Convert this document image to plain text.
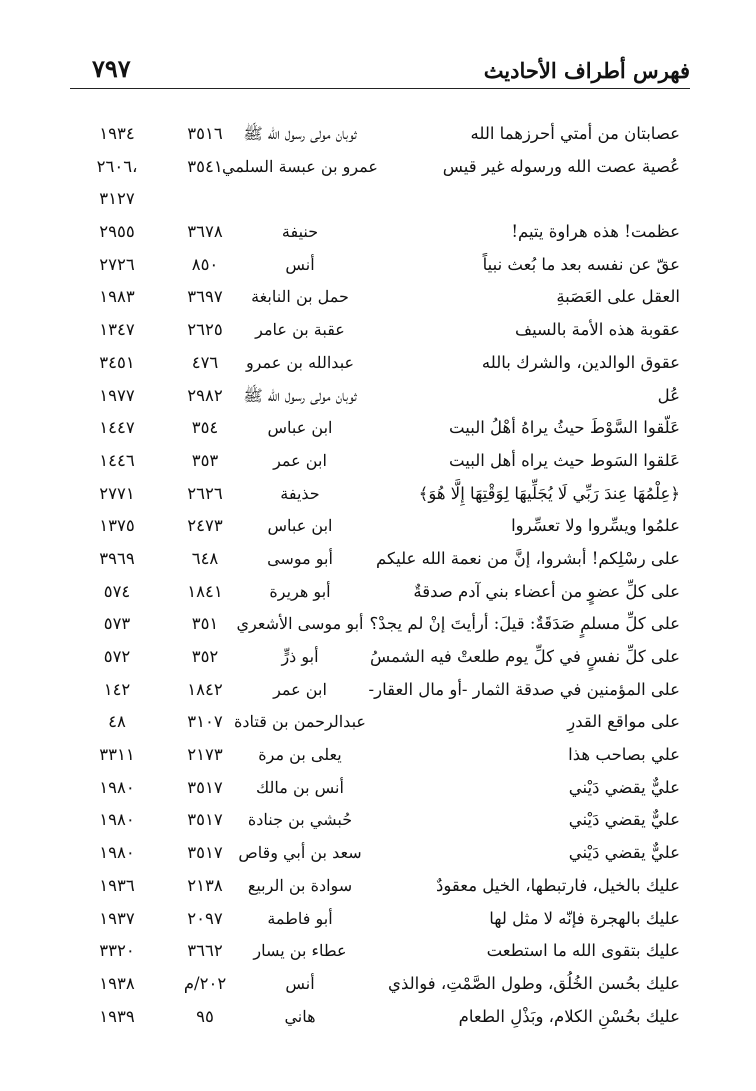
فهرس أطراف الأحاديث
٧٩٧
عصابتان من أمتي أحرزهما الله
ثوبان مولى رسول الله ﷺ
٣٥١٦
١٩٣٤
عُصية عصت الله ورسوله غير قيس
عمرو بن عبسة السلمي
٣٥٤١
٢٦٠٦،
٣١٢٧
عظمت! هذه هراوة يتيم!
حنيفة
٣٦٧٨
٢٩٥٥
عقّ عن نفسه بعد ما بُعث نبياً
أنس
٨٥٠
٢٧٢٦
العقل على العَصَبةِ
حمل بن النابغة
٣٦٩٧
١٩٨٣
عقوبة هذه الأمة بالسيف
عقبة بن عامر
٢٦٢٥
١٣٤٧
عقوق الوالدين، والشرك بالله
عبدالله بن عمرو
٤٧٦
٣٤٥١
عُل
ثوبان مولى رسول الله ﷺ
٢٩٨٢
١٩٧٧
عَلّقوا السَّوْطَ حيثُ يراهُ أهْلُ البيت
ابن عباس
٣٥٤
١٤٤٧
عَلقوا السَوط حيث يراه أهل البيت
ابن عمر
٣٥٣
١٤٤٦
﴿عِلْمُهَا عِندَ رَبِّي لَا يُجَلِّيهَا لِوَقْتِهَا إِلَّا هُوَ﴾
حذيفة
٢٦٢٦
٢٧٧١
علمُوا ويسِّروا ولا تعسِّروا
ابن عباس
٢٤٧٣
١٣٧٥
على رسْلِكم! أبشروا، إنَّ من نعمة الله عليكم
أبو موسى
٦٤٨
٣٩٦٩
على كلِّ عضوٍ من أعضاء بني آدم صدقةٌ
أبو هريرة
١٨٤١
٥٧٤
على كلِّ مسلمٍ صَدَقَةٌ: قيلَ: أرأيتَ إنْ لم يجدْ؟
أبو موسى الأشعري
٣٥١
٥٧٣
على كلِّ نفسٍ في كلِّ يوم طلعتْ فيه الشمسُ
أبو ذرٍّ
٣٥٢
٥٧٢
على المؤمنين في صدقة الثمار -أو مال العقار-
ابن عمر
١٨٤٢
١٤٢
على مواقع القدرِ
عبدالرحمن بن قتادة
٣١٠٧
٤٨
علي بصاحب هذا
يعلى بن مرة
٢١٧٣
٣٣١١
عليٌّ يقضي دَيْني
أنس بن مالك
٣٥١٧
١٩٨٠
عليٌّ يقضي دَيْني
حُبشي بن جنادة
٣٥١٧
١٩٨٠
عليٌّ يقضي دَيْني
سعد بن أبي وقاص
٣٥١٧
١٩٨٠
عليك بالخيل، فارتبطها، الخيل معقودٌ
سوادة بن الربيع
٢١٣٨
١٩٣٦
عليك بالهجرة فإنّه لا مثل لها
أبو فاطمة
٢٠٩٧
١٩٣٧
عليك بتقوى الله ما استطعت
عطاء بن يسار
٣٦٦٢
٣٣٢٠
عليك بحُسن الخُلُق، وطول الصَّمْتِ، فوالذي
أنس
٢٠٢/م
١٩٣٨
عليك بحُسْنِ الكلام، وبَذْلِ الطعام
هاني
٩٥
١٩٣٩
